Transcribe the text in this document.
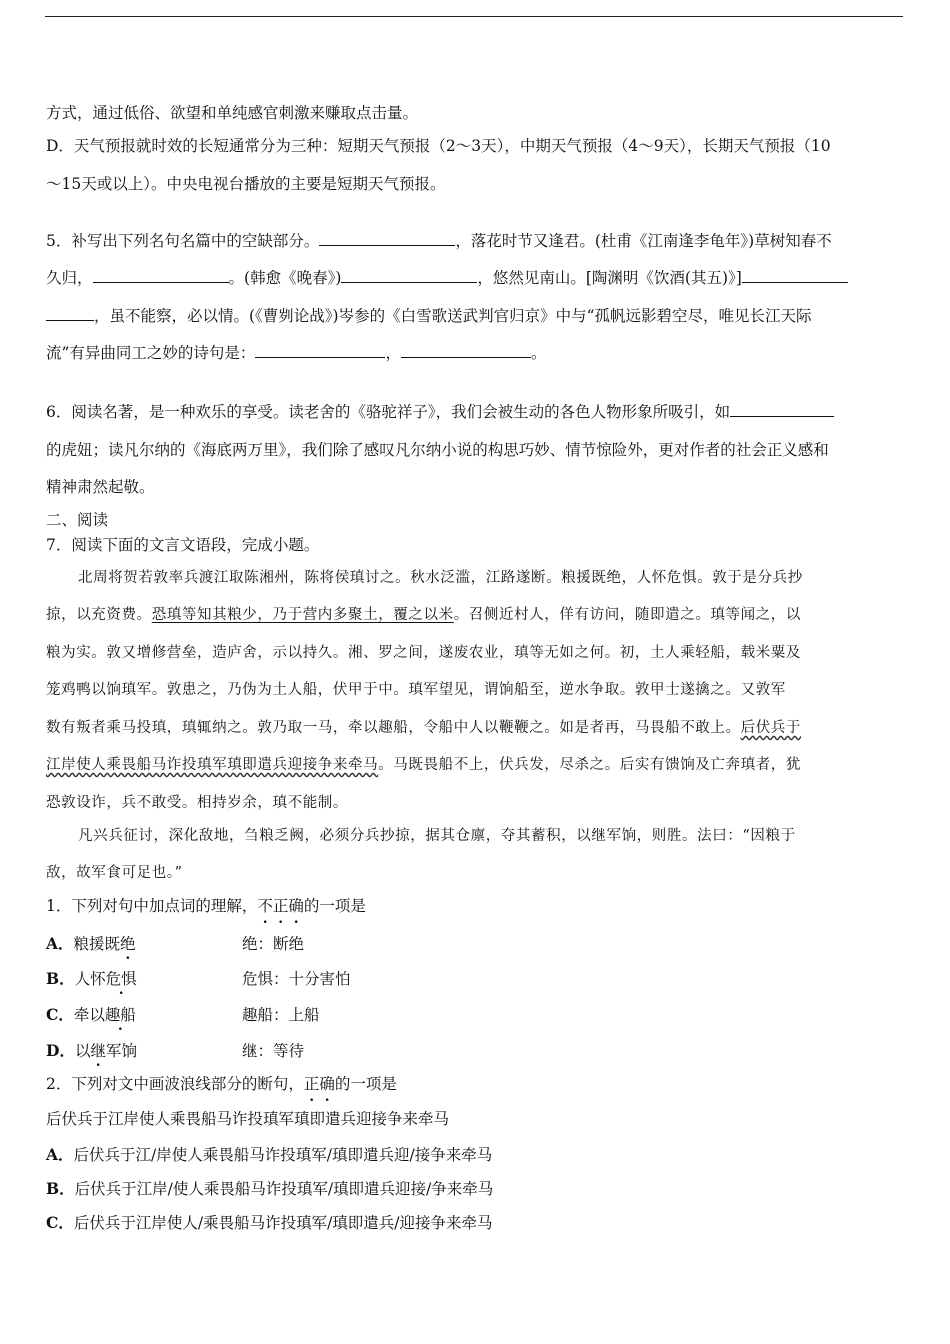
方式，通过低俗、欲望和单纯感官刺激来赚取点击量。
D．天气预报就时效的长短通常分为三种：短期天气预报（2～3天），中期天气预报（4～9天），长期天气预报（10
～15天或以上）。中央电视台播放的主要是短期天气预报。
5．补写出下列名句名篇中的空缺部分。	，落花时节又逢君。(杜甫《江南逢李龟年》)草树知春不
久归，	。(韩愈《晚春》)	，悠然见南山。[陶渊明《饮酒(其五)》]
，虽不能察，必以情。(《曹刿论战》)岑参的《白雪歌送武判官归京》中与“孤帆远影碧空尽，唯见长江天际
流”有异曲同工之妙的诗句是：	，	。
6．阅读名著，是一种欢乐的享受。读老舍的《骆驼祥子》，我们会被生动的各色人物形象所吸引，如
的虎妞；读凡尔纳的《海底两万里》，我们除了感叹凡尔纳小说的构思巧妙、情节惊险外，更对作者的社会正义感和
精神肃然起敬。
二、阅读
7．阅读下面的文言文语段，完成小题。
北周将贺若敦率兵渡江取陈湘州，陈将侯瑱讨之。秋水泛滥，江路遂断。粮援既绝，人怀危惧。敦于是分兵抄
掠，以充资费。恐瑱等知其粮少，乃于营内多聚土，覆之以米。召侧近村人，佯有访问，随即遣之。瑱等闻之，以
粮为实。敦又增修营垒，造庐舍，示以持久。湘、罗之间，遂废农业，瑱等无如之何。初，土人乘轻船，载米粟及
笼鸡鸭以饷瑱军。敦患之，乃伪为土人船，伏甲于中。瑱军望见，谓饷船至，逆水争取。敦甲士遂擒之。又敦军
数有叛者乘马投瑱，瑱辄纳之。敦乃取一马，牵以趣船，令船中人以鞭鞭之。如是者再，马畏船不敢上。后伏兵于
江岸使人乘畏船马诈投瑱军瑱即遣兵迎接争来牵马。马既畏船不上，伏兵发，尽杀之。后实有馈饷及亡奔瑱者，犹
恐敦设诈，兵不敢受。相持岁余，瑱不能制。
凡兴兵征讨，深化敌地，刍粮乏阙，必须分兵抄掠，据其仓廪，夺其蓄积，以继军饷，则胜。法曰：“因粮于
敌，故军食可足也。”
1．下列对句中加点词的理解，不正确的一项是
A．粮援既绝	绝：断绝
B．人怀危惧	危惧：十分害怕
C．牵以趣船	趣船：上船
D．以继军饷	继：等待
2．下列对文中画波浪线部分的断句，正确的一项是
后伏兵于江岸使人乘畏船马诈投瑱军瑱即遣兵迎接争来牵马
A．后伏兵于江/岸使人乘畏船马诈投瑱军/瑱即遣兵迎/接争来牵马
B．后伏兵于江岸/使人乘畏船马诈投瑱军/瑱即遣兵迎接/争来牵马
C．后伏兵于江岸使人/乘畏船马诈投瑱军/瑱即遣兵/迎接争来牵马
